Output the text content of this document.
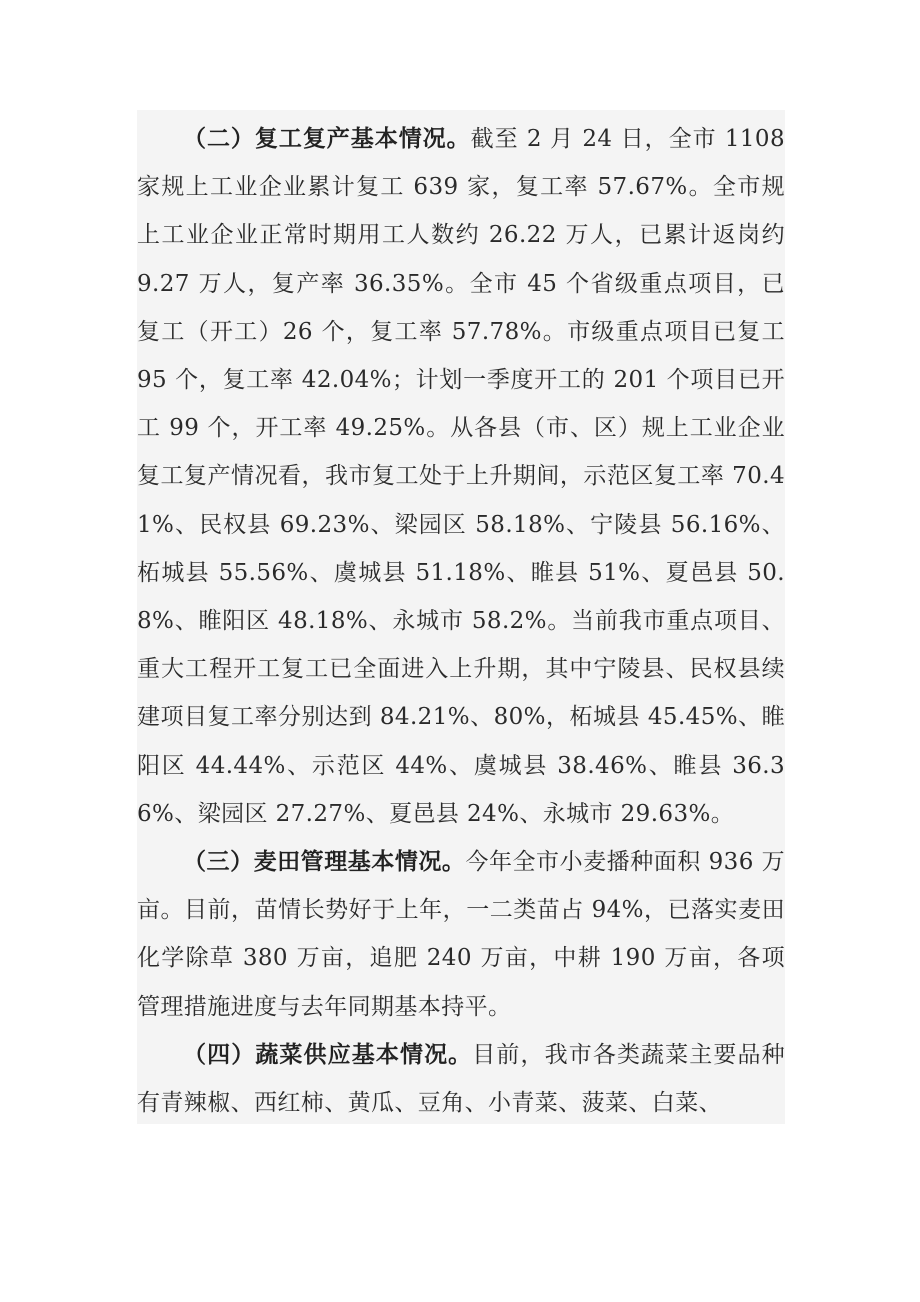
（二）复工复产基本情况。截至 2 月 24 日，全市 1108 家规上工业企业累计复工 639 家，复工率 57.67%。全市规上工业企业正常时期用工人数约 26.22 万人，已累计返岗约 9.27 万人，复产率 36.35%。全市 45 个省级重点项目，已复工（开工）26 个，复工率 57.78%。市级重点项目已复工 95 个，复工率 42.04%；计划一季度开工的 201 个项目已开工 99 个，开工率 49.25%。从各县（市、区）规上工业企业复工复产情况看，我市复工处于上升期间，示范区复工率 70.41%、民权县 69.23%、梁园区 58.18%、宁陵县 56.16%、柘城县 55.56%、虞城县 51.18%、睢县 51%、夏邑县 50.8%、睢阳区 48.18%、永城市 58.2%。当前我市重点项目、重大工程开工复工已全面进入上升期，其中宁陵县、民权县续建项目复工率分别达到 84.21%、80%，柘城县 45.45%、睢阳区 44.44%、示范区 44%、虞城县 38.46%、睢县 36.36%、梁园区 27.27%、夏邑县 24%、永城市 29.63%。

（三）麦田管理基本情况。今年全市小麦播种面积 936 万亩。目前，苗情长势好于上年，一二类苗占 94%，已落实麦田化学除草 380 万亩，追肥 240 万亩，中耕 190 万亩，各项管理措施进度与去年同期基本持平。

（四）蔬菜供应基本情况。目前，我市各类蔬菜主要品种有青辣椒、西红柿、黄瓜、豆角、小青菜、菠菜、白菜、
